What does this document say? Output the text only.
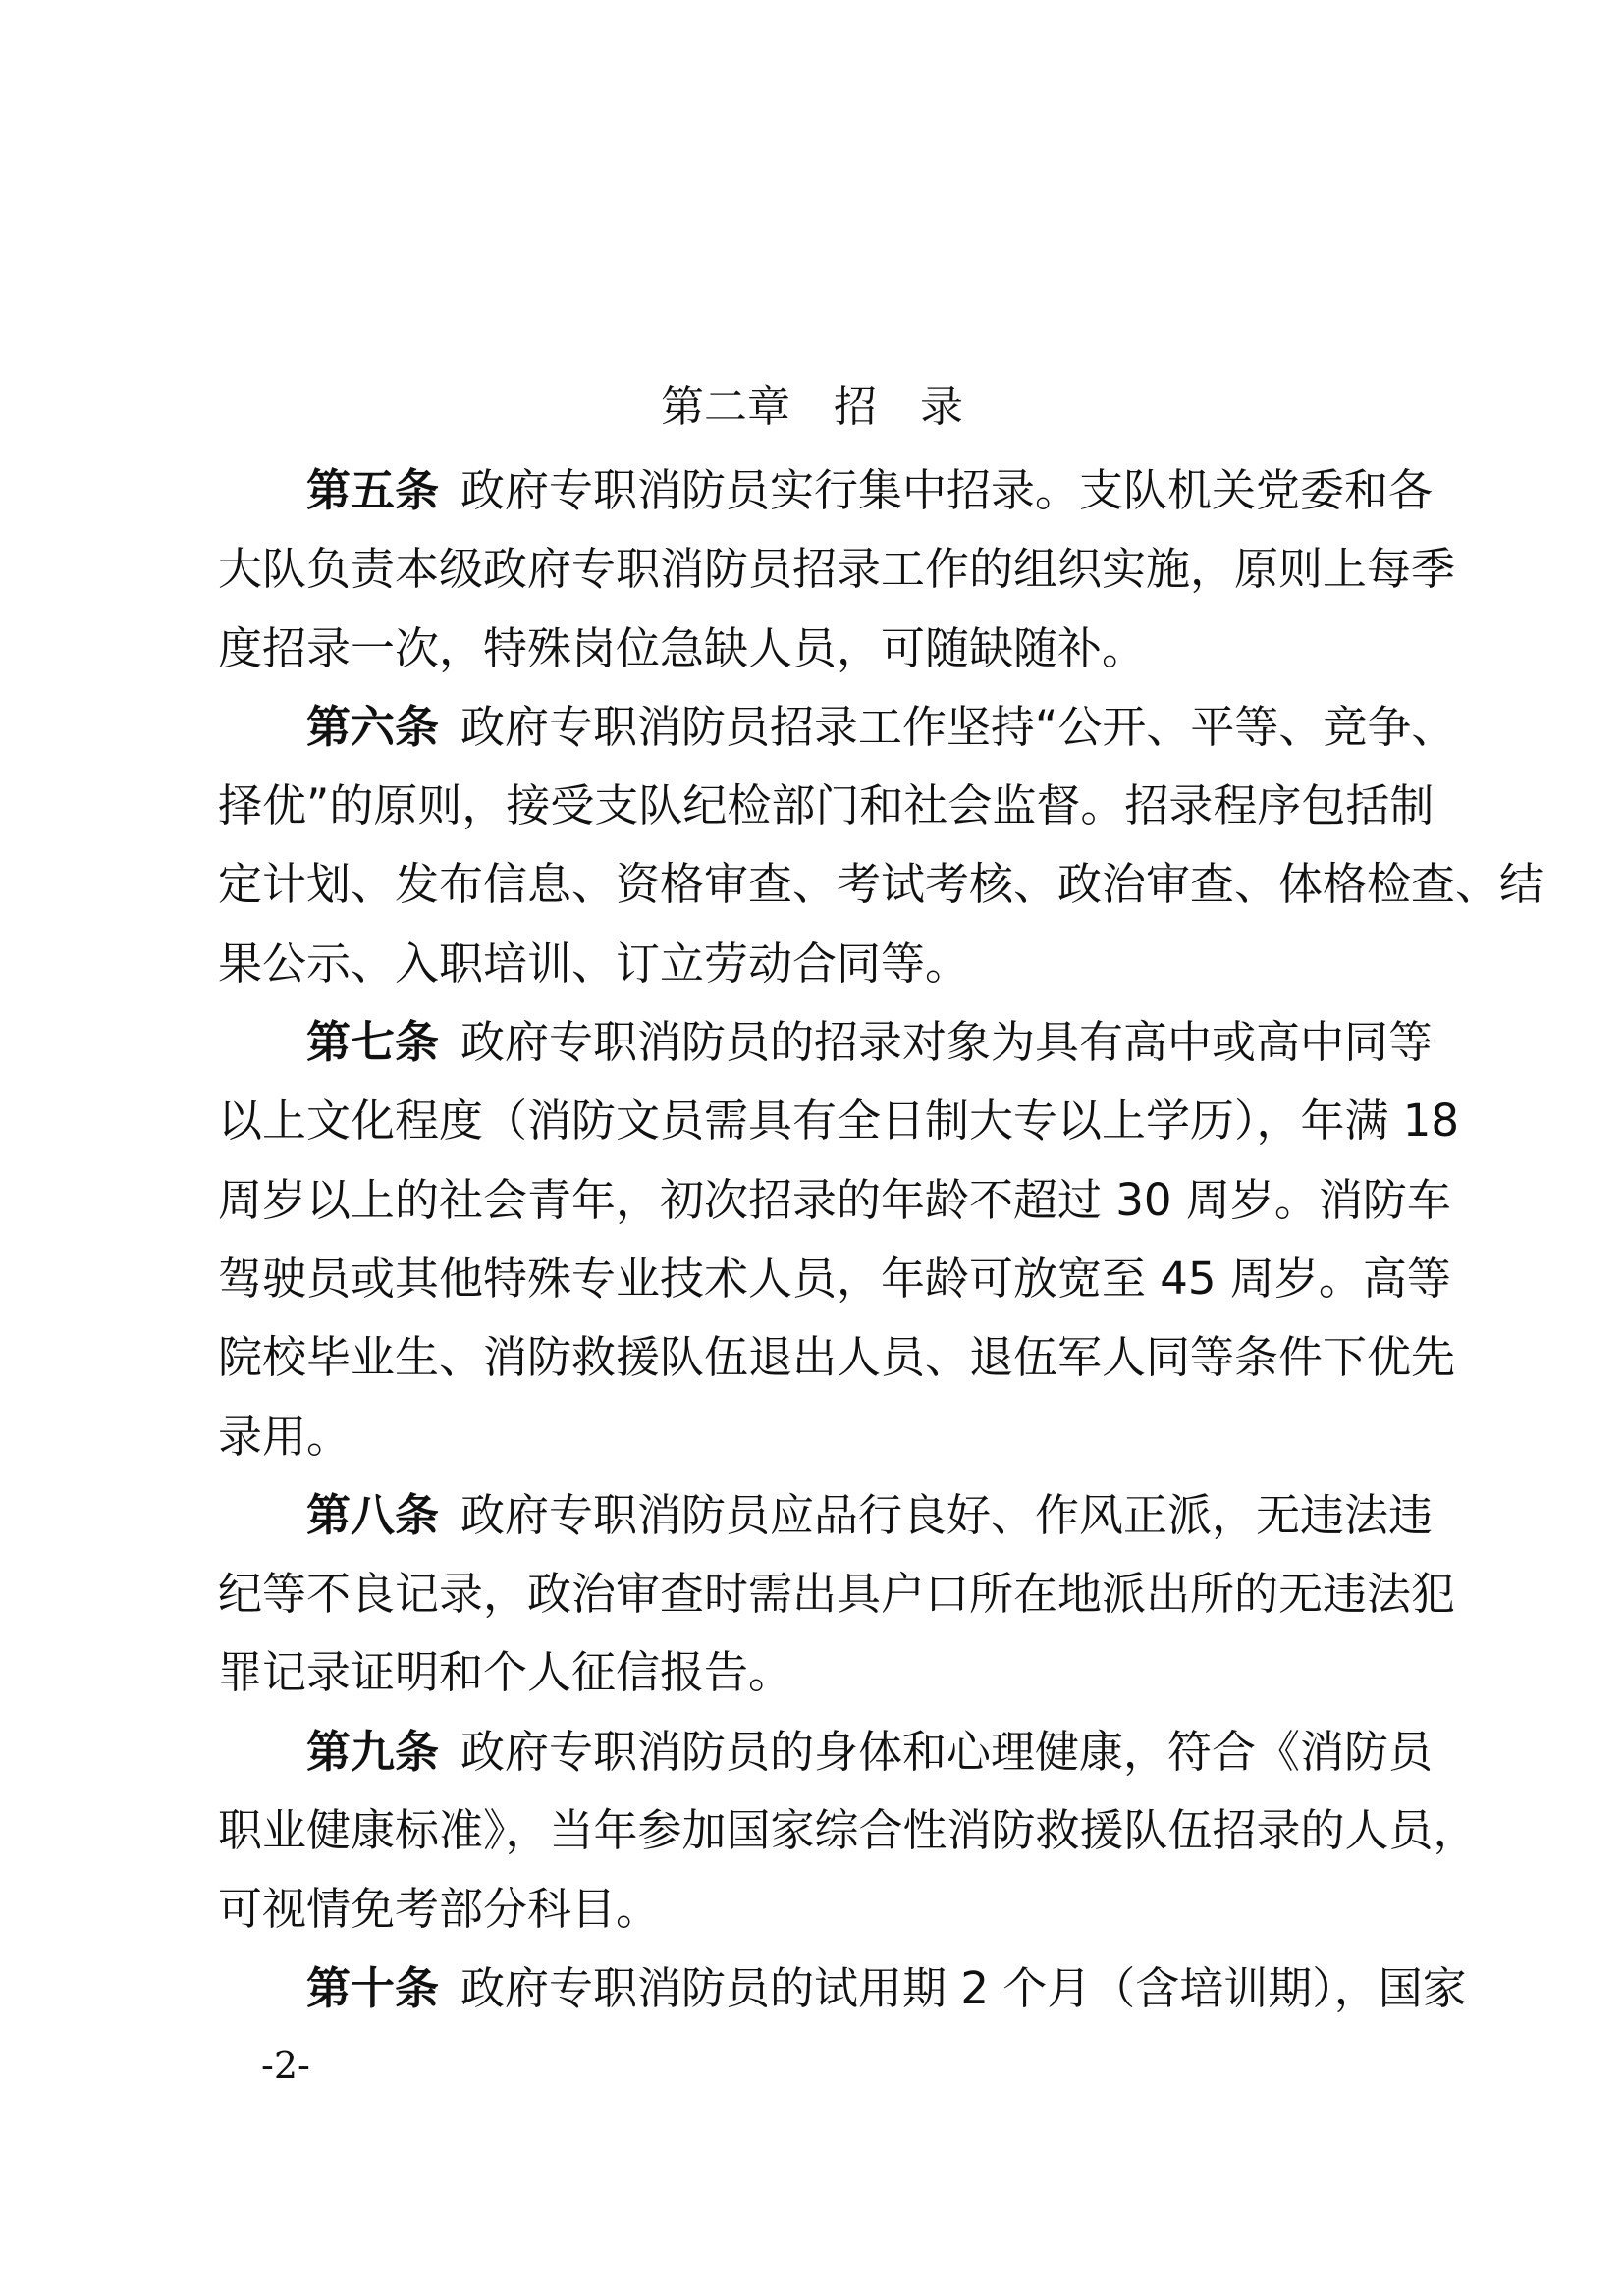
第二章　招　录
第五条 政府专职消防员实行集中招录。支队机关党委和各
大队负责本级政府专职消防员招录工作的组织实施，原则上每季
度招录一次，特殊岗位急缺人员，可随缺随补。
第六条 政府专职消防员招录工作坚持“公开、平等、竞争、
择优”的原则，接受支队纪检部门和社会监督。招录程序包括制
定计划、发布信息、资格审查、考试考核、政治审查、体格检查、结
果公示、入职培训、订立劳动合同等。
第七条 政府专职消防员的招录对象为具有高中或高中同等
以上文化程度（消防文员需具有全日制大专以上学历），年满 18
周岁以上的社会青年，初次招录的年龄不超过 30 周岁。消防车
驾驶员或其他特殊专业技术人员，年龄可放宽至 45 周岁。高等
院校毕业生、消防救援队伍退出人员、退伍军人同等条件下优先
录用。
第八条 政府专职消防员应品行良好、作风正派，无违法违
纪等不良记录，政治审查时需出具户口所在地派出所的无违法犯
罪记录证明和个人征信报告。
第九条 政府专职消防员的身体和心理健康，符合《消防员
职业健康标准》，当年参加国家综合性消防救援队伍招录的人员，
可视情免考部分科目。
第十条 政府专职消防员的试用期 2 个月（含培训期），国家
-2-
